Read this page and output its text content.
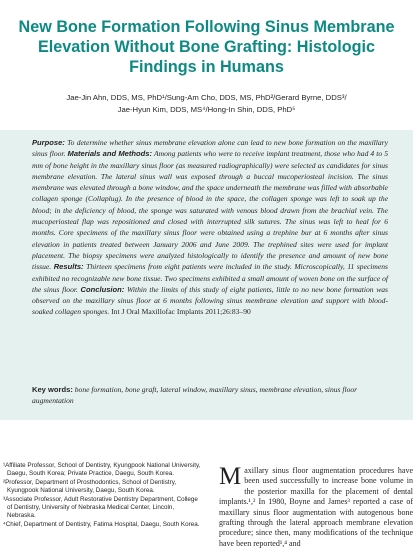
New Bone Formation Following Sinus Membrane Elevation Without Bone Grafting: Histologic Findings in Humans
Jae-Jin Ahn, DDS, MS, PhD¹/Sung-Am Cho, DDS, MS, PhD²/Gerard Byrne, DDS³/
Jae-Hyun Kim, DDS, MS⁴/Hong-In Shin, DDS, PhD⁵

Purpose: To determine whether sinus membrane elevation alone can lead to new bone formation on the maxillary sinus floor. Materials and Methods: Among patients who were to receive implant treatment, those who had 4 to 5 mm of bone height in the maxillary sinus floor (as measured radiographically) were selected as candidates for sinus membrane elevation. The lateral sinus wall was exposed through a buccal mucoperiosteal incision. The sinus membrane was elevated through a bone window, and the space underneath the membrane was filled with absorbable collagen sponge (Collaplug). In the presence of blood in the space, the collagen sponge was left to soak up the blood; in the deficiency of blood, the sponge was saturated with venous blood drawn from the brachial vein. The mucoperiosteal flap was repositioned and closed with interrupted silk sutures. The sinus was left to heal for 6 months. Core specimens of the maxillary sinus floor were obtained using a trephine bur at 6 months after sinus elevation in patients treated between January 2006 and June 2009. The trephined sites were used for implant placement. The biopsy specimens were analyzed histologically to identify the presence and amount of new bone tissue. Results: Thirteen specimens from eight patients were included in the study. Microscopically, 11 specimens exhibited no recognizable new bone tissue. Two specimens exhibited a small amount of woven bone on the surface of the sinus floor. Conclusion: Within the limits of this study of eight patients, little to no new bone formation was observed on the maxillary sinus floor at 6 months following sinus membrane elevation and support with blood-soaked collagen sponges. Int J Oral Maxillofac Implants 2011;26:83–90

Key words: bone formation, bone graft, lateral window, maxillary sinus, membrane elevation, sinus floor augmentation

¹Affiliate Professor, School of Dentistry, Kyungpook National University, Daegu, South Korea; Private Practice, Daegu, South Korea.
²Professor, Department of Prosthodontics, School of Dentistry, Kyungpook National University, Daegu, South Korea.
³Associate Professor, Adult Restorative Dentistry Department, College of Dentistry, University of Nebraska Medical Center, Lincoln, Nebraska.
⁴Chief, Department of Dentistry, Fatima Hospital, Daegu, South Korea.

M axillary sinus floor augmentation procedures have been used successfully to increase bone volume in the posterior maxilla for the placement of dental implants.¹,² In 1980, Boyne and James³ reported a case of maxillary sinus floor augmentation with autogenous bone grafting through the lateral approach membrane elevation procedure; since then, many modifications of the technique have been reported¹,⁴ and
